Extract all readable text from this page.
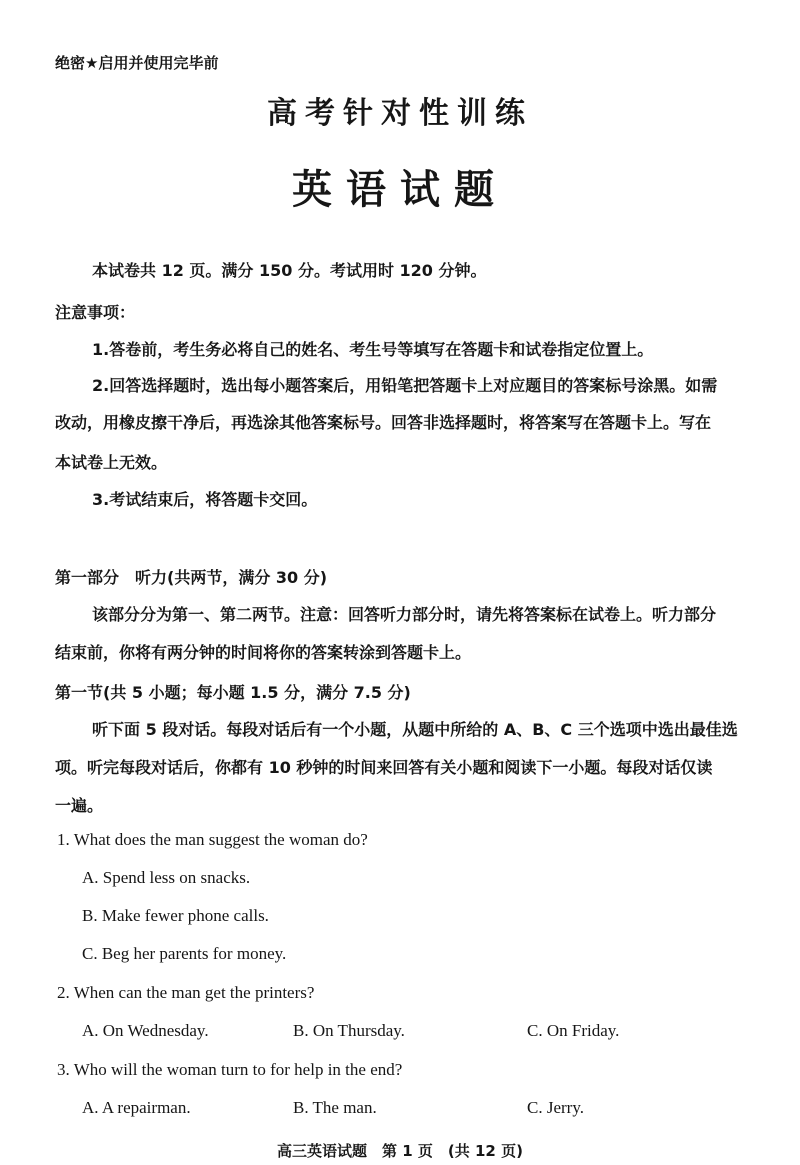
绝密★启用并使用完毕前
高考针对性训练
英语试题
本试卷共 12 页。满分 150 分。考试用时 120 分钟。
注意事项：
1.答卷前，考生务必将自己的姓名、考生号等填写在答题卡和试卷指定位置上。
2.回答选择题时，选出每小题答案后，用铅笔把答题卡上对应题目的答案标号涂黑。如需
改动，用橡皮擦干净后，再选涂其他答案标号。回答非选择题时，将答案写在答题卡上。写在
本试卷上无效。
3.考试结束后，将答题卡交回。
第一部分　听力(共两节，满分 30 分)
该部分分为第一、第二两节。注意：回答听力部分时，请先将答案标在试卷上。听力部分
结束前，你将有两分钟的时间将你的答案转涂到答题卡上。
第一节(共 5 小题；每小题 1.5 分，满分 7.5 分)
听下面 5 段对话。每段对话后有一个小题，从题中所给的 A、B、C 三个选项中选出最佳选
项。听完每段对话后，你都有 10 秒钟的时间来回答有关小题和阅读下一小题。每段对话仅读
一遍。
1. What does the man suggest the woman do?
A. Spend less on snacks.
B. Make fewer phone calls.
C. Beg her parents for money.
2. When can the man get the printers?
A. On Wednesday.	B. On Thursday.	C. On Friday.
3. Who will the woman turn to for help in the end?
A. A repairman.	B. The man.	C. Jerry.
高三英语试题　第 1 页　(共 12 页)
